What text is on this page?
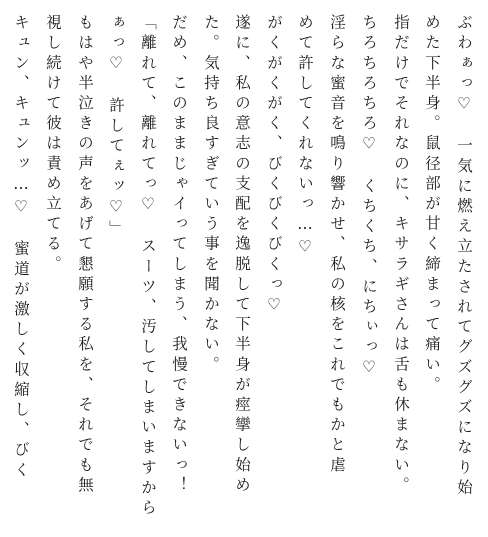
ぶわぁっ♡　一気に燃え立たされてグズグズになり始
めた下半身。鼠径部が甘く締まって痛い。
指だけでそれなのに、キサラギさんは舌も休まない。
ちろちろちろ♡　くちくち、にちぃっ♡
淫らな蜜音を鳴り響かせ、私の核をこれでもかと虐
めて許してくれないっ…♡
がくがくがく、びくびくびくっ♡
遂に、私の意志の支配を逸脱して下半身が痙攣し始め
た。気持ち良すぎていう事を聞かない。
だめ、このままじゃイってしまう、我慢できないっ！
「離れて、離れてっ♡　スーツ、汚してしまいますから
ぁっ♡　許してぇッ♡」
もはや半泣きの声をあげて懇願する私を、それでも無
視し続けて彼は責め立てる。
キュン、キュンッ…♡　蜜道が激しく収縮し、びく
